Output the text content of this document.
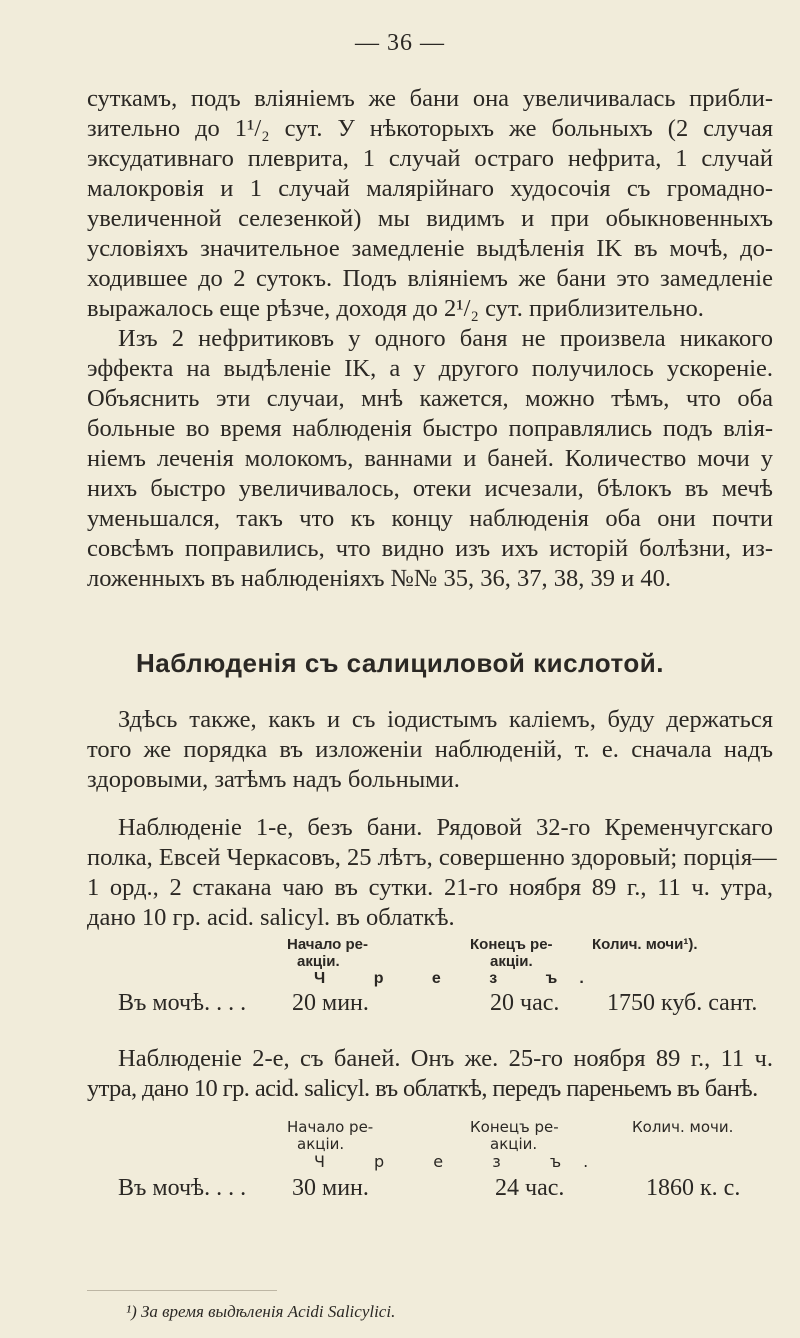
— 36 —
суткамъ, подъ вліяніемъ же бани она увеличивалась прибли-
зительно до 1¹/₂ сут. У нѣкоторыхъ же больныхъ (2 случая
эксудативнаго плеврита, 1 случай остраго нефрита, 1 случай
малокровія и 1 случай малярійнаго худосочія съ громадно-
увеличенной селезенкой) мы видимъ и при обыкновенныхъ
условіяхъ значительное замедленіе выдѣленія IK въ мочѣ, до-
ходившее до 2 сутокъ. Подъ вліяніемъ же бани это замедленіе
выражалось еще рѣзче, доходя до 2¹/₂ сут. приблизительно.
Изъ 2 нефритиковъ у одного баня не произвела никакого
эффекта на выдѣленіе IK, а у другого получилось ускореніе.
Объяснить эти случаи, мнѣ кажется, можно тѣмъ, что оба
больные во время наблюденія быстро поправлялись подъ влія-
ніемъ леченія молокомъ, ваннами и баней. Количество мочи у
нихъ быстро увеличивалось, отеки исчезали, бѣлокъ въ мечѣ
уменьшался, такъ что къ концу наблюденія оба они почти
совсѣмъ поправились, что видно изъ ихъ исторій болѣзни, из-
ложенныхъ въ наблюденіяхъ №№ 35, 36, 37, 38, 39 и 40.
Наблюденія съ салициловой кислотой.
Здѣсь также, какъ и съ іодистымъ каліемъ, буду держаться
того же порядка въ изложеніи наблюденій, т. е. сначала надъ
здоровыми, затѣмъ надъ больными.
Наблюденіе 1-е, безъ бани. Рядовой 32-го Кременчугскаго
полка, Евсей Черкасовъ, 25 лѣтъ, совершенно здоровый; порція—
1 орд., 2 стакана чаю въ сутки. 21-го ноября 89 г., 11 ч. утра,
дано 10 гр. acid. salicyl. въ облаткѣ.
Начало ре-
акціи.
Конецъ ре-
акціи.
Колич. мочи¹).
Ч р е з ъ.
Въ мочѣ. . . . 20 мин.	20 час. 1750 куб. сант.
Наблюденіе 2-е, съ баней. Онъ же. 25-го ноября 89 г., 11 ч.
утра, дано 10 гр. acid. salicyl. въ облаткѣ, передъ пареньемъ въ банѣ.
Начало ре-
акціи.
Конецъ ре-
акціи.
Колич. мочи.
Ч р е з ъ.
Въ мочѣ. . . . 30 мин.	24 час.	1860 к. с.
¹) За время выдѣленія Acidi Salicylici.
